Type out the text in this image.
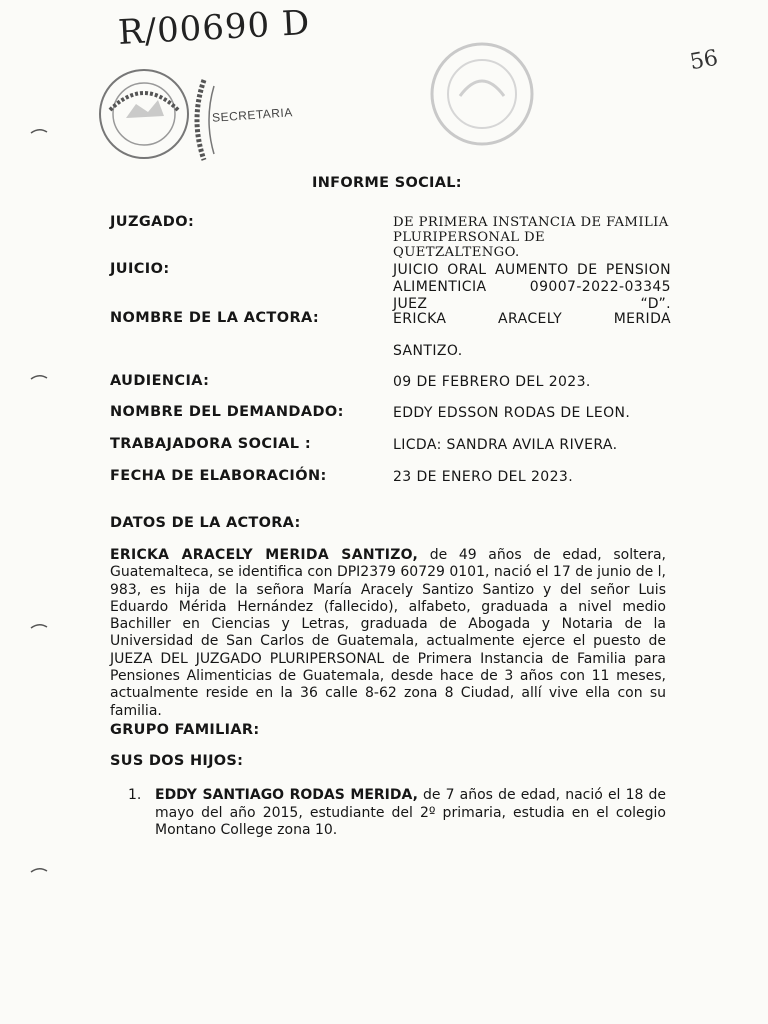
R/00690 D
56
SECRETARIA
INFORME SOCIAL:
JUZGADO:	DE PRIMERA INSTANCIA DE FAMILIA PLURIPERSONAL DE QUETZALTENGO.
JUICIO:	JUICIO ORAL AUMENTO DE PENSION ALIMENTICIA 09007-2022-03345 JUEZ “D”.
NOMBRE DE LA ACTORA:	ERICKA ARACELY MERIDA
SANTIZO.
AUDIENCIA:	09 DE FEBRERO DEL 2023.
NOMBRE DEL DEMANDADO:	EDDY EDSSON RODAS DE LEON.
TRABAJADORA SOCIAL :	LICDA: SANDRA AVILA RIVERA.
FECHA DE ELABORACIÓN:	23 DE ENERO DEL 2023.
DATOS DE LA ACTORA:
ERICKA ARACELY MERIDA SANTIZO, de 49 años de edad, soltera, Guatemalteca, se identifica con DPI2379 60729 0101, nació el 17 de junio de l, 983, es hija de la señora María Aracely Santizo Santizo y del señor Luis Eduardo Mérida Hernández (fallecido), alfabeto, graduada a nivel medio Bachiller en Ciencias y Letras, graduada de Abogada y Notaria de la Universidad de San Carlos de Guatemala, actualmente ejerce el puesto de JUEZA DEL JUZGADO PLURIPERSONAL de Primera Instancia de Familia para Pensiones Alimenticias de Guatemala, desde hace de 3 años con 11 meses, actualmente reside en la 36 calle 8-62 zona 8 Ciudad, allí vive ella con su familia.
GRUPO FAMILIAR:
SUS DOS HIJOS:
1. EDDY SANTIAGO RODAS MERIDA, de 7 años de edad, nació el 18 de mayo del año 2015, estudiante del 2º primaria, estudia en el colegio Montano College zona 10.
